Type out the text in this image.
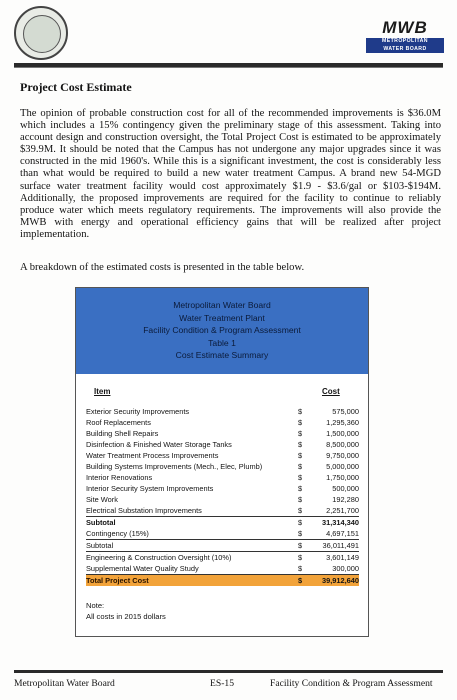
MWB
METROPOLITAN
WATER BOARD
Project Cost Estimate

The opinion of probable construction cost for all of the recommended improvements is $36.0M which includes a 15% contingency given the preliminary stage of this assessment. Taking into account design and construction oversight, the Total Project Cost is estimated to be approximately $39.9M. It should be noted that the Campus has not undergone any major upgrades since it was constructed in the mid 1960's. While this is a significant investment, the cost is considerably less than what would be required to build a new water treatment Campus. A brand new 54-MGD surface water treatment facility would cost approximately $1.9 - $3.6/gal or $103-$194M. Additionally, the proposed improvements are required for the facility to continue to reliably produce water which meets regulatory requirements. The improvements will also provide the MWB with energy and operational efficiency gains that will be realized after project implementation.

A breakdown of the estimated costs is presented in the table below.

Metropolitan Water Board
Water Treatment Plant
Facility Condition & Program Assessment
Table 1
Cost Estimate Summary
Item	Cost
Exterior Security Improvements	$	575,000
Roof Replacements	$	1,295,360
Building Shell Repairs	$	1,500,000
Disinfection & Finished Water Storage Tanks	$	8,500,000
Water Treatment Process Improvements	$	9,750,000
Building Systems Improvements (Mech., Elec, Plumb)	$	5,000,000
Interior Renovations	$	1,750,000
Interior Security System Improvements	$	500,000
Site Work	$	192,280
Electrical Substation Improvements	$	2,251,700
Subtotal	$	31,314,340
Contingency (15%)	$	4,697,151
Subtotal	$	36,011,491
Engineering & Construction Oversight (10%)	$	3,601,149
Supplemental Water Quality Study	$	300,000
Total Project Cost	$	39,912,640
Note:
All costs in 2015 dollars
Metropolitan Water Board	ES-15	Facility Condition & Program Assessment
